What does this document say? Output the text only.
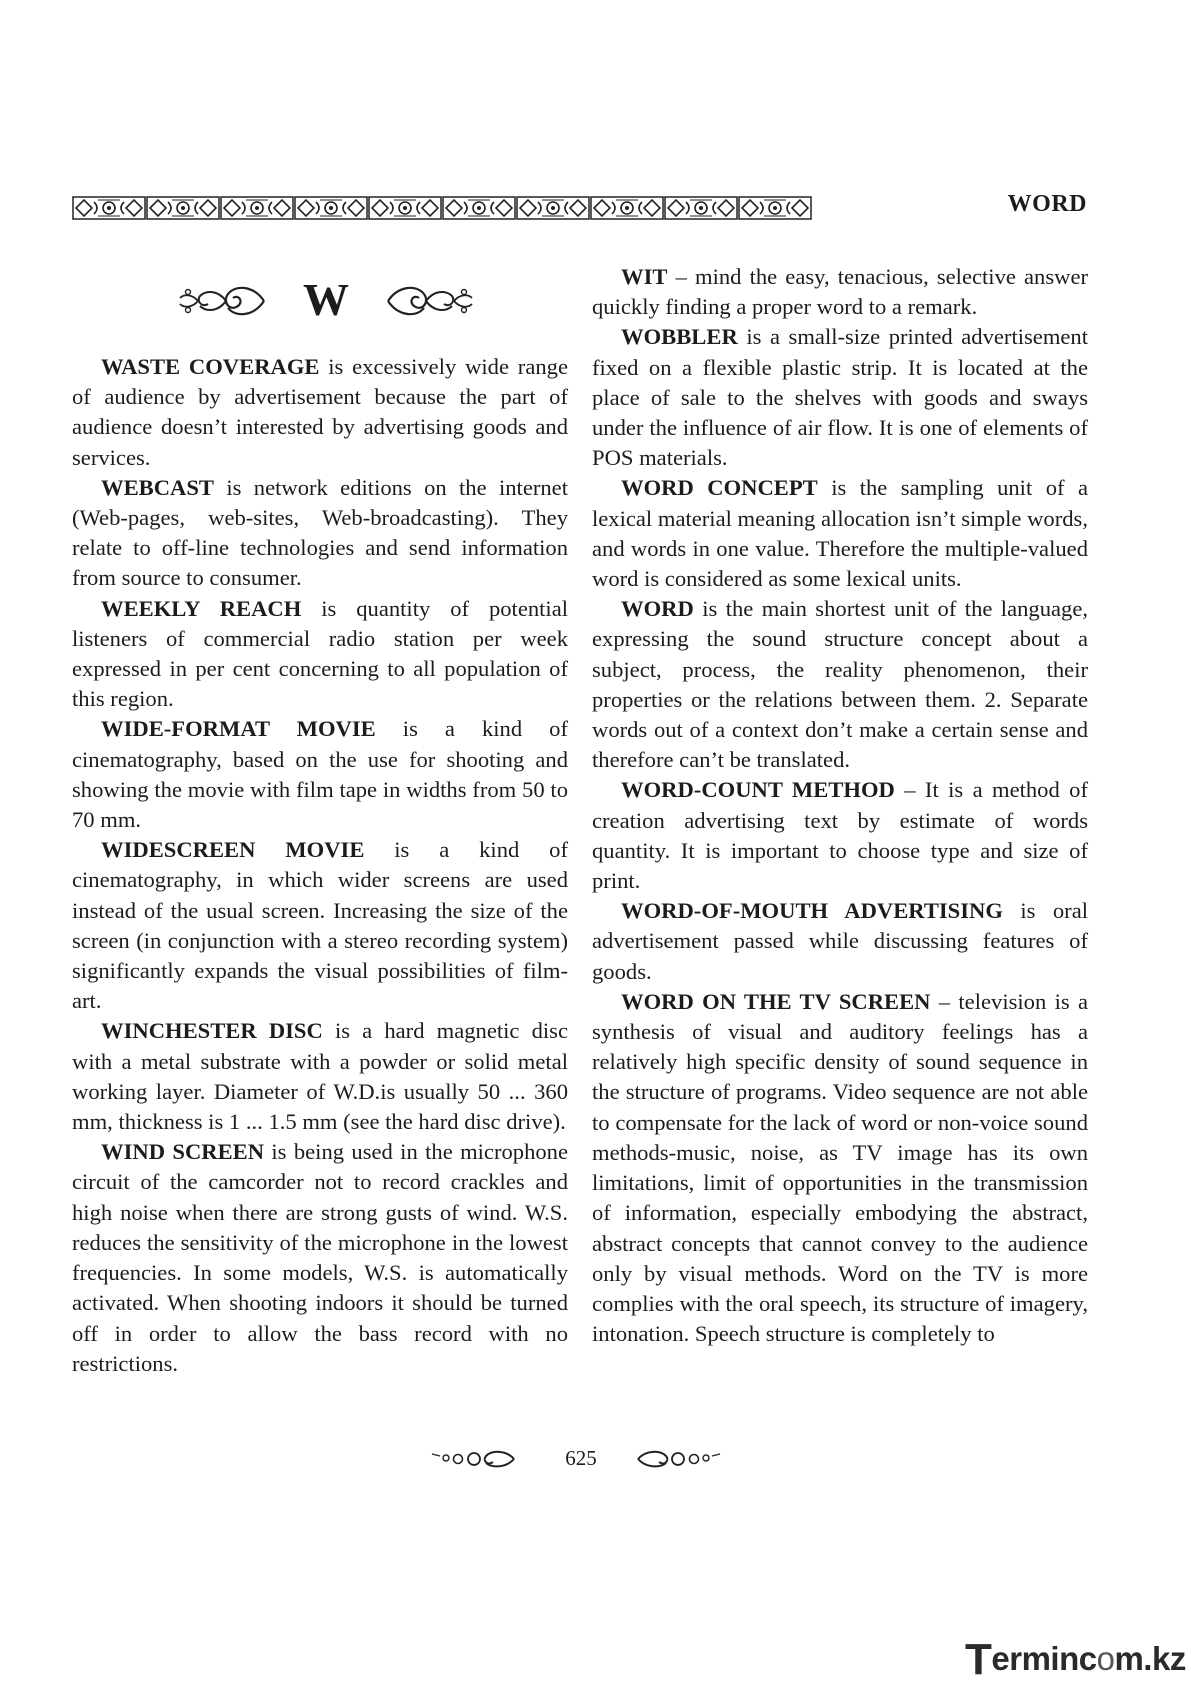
WORD
W

WASTE COVERAGE is excessively wide range of audience by advertisement because the part of audience doesn’t interested by advertising goods and services.

WEBCAST is network editions on the internet (Web-pages, web-sites, Web-broadcasting). They relate to off-line technologies and send information from source to consumer.

WEEKLY REACH is quantity of potential listeners of commercial radio station per week expressed in per cent concerning to all population of this region.

WIDE-FORMAT MOVIE is a kind of cinematography, based on the use for shooting and showing the movie with film tape in widths from 50 to 70 mm.

WIDESCREEN MOVIE is a kind of cinematography, in which wider screens are used instead of the usual screen. Increasing the size of the screen (in conjunction with a stereo recording system) significantly expands the visual possibilities of film-art.

WINCHESTER DISC is a hard magnetic disc with a metal substrate with a powder or solid metal working layer. Diameter of W.D.is usually 50 ... 360 mm, thickness is 1 ... 1.5 mm (see the hard disc drive).

WIND SCREEN is being used in the microphone circuit of the camcorder not to record crackles and high noise when there are strong gusts of wind. W.S. reduces the sensitivity of the microphone in the lowest frequencies. In some models, W.S. is automatically activated. When shooting indoors it should be turned off in order to allow the bass record with no restrictions.

WIT – mind the easy, tenacious, selective answer quickly finding a proper word to a remark.

WOBBLER is a small-size printed advertisement fixed on a flexible plastic strip. It is located at the place of sale to the shelves with goods and sways under the influence of air flow. It is one of elements of POS materials.

WORD CONCEPT is the sampling unit of a lexical material meaning allocation isn’t simple words, and words in one value. Therefore the multiple-valued word is considered as some lexical units.

WORD is the main shortest unit of the language, expressing the sound structure concept about a subject, process, the reality phenomenon, their properties or the relations between them. 2. Separate words out of a context don’t make a certain sense and therefore can’t be translated.

WORD-COUNT METHOD – It is a method of creation advertising text by estimate of words quantity. It is important to choose type and size of print.

WORD-OF-MOUTH ADVERTISING is oral advertisement passed while discussing features of goods.

WORD ON THE TV SCREEN – television is a synthesis of visual and auditory feelings has a relatively high specific density of sound sequence in the structure of programs. Video sequence are not able to compensate for the lack of word or non-voice sound methods-music, noise, as TV image has its own limitations, limit of opportunities in the transmission of information, especially embodying the abstract, abstract concepts that cannot convey to the audience only by visual methods. Word on the TV is more complies with the oral speech, its structure of imagery, intonation. Speech structure is completely to

625
Termincom.kz
